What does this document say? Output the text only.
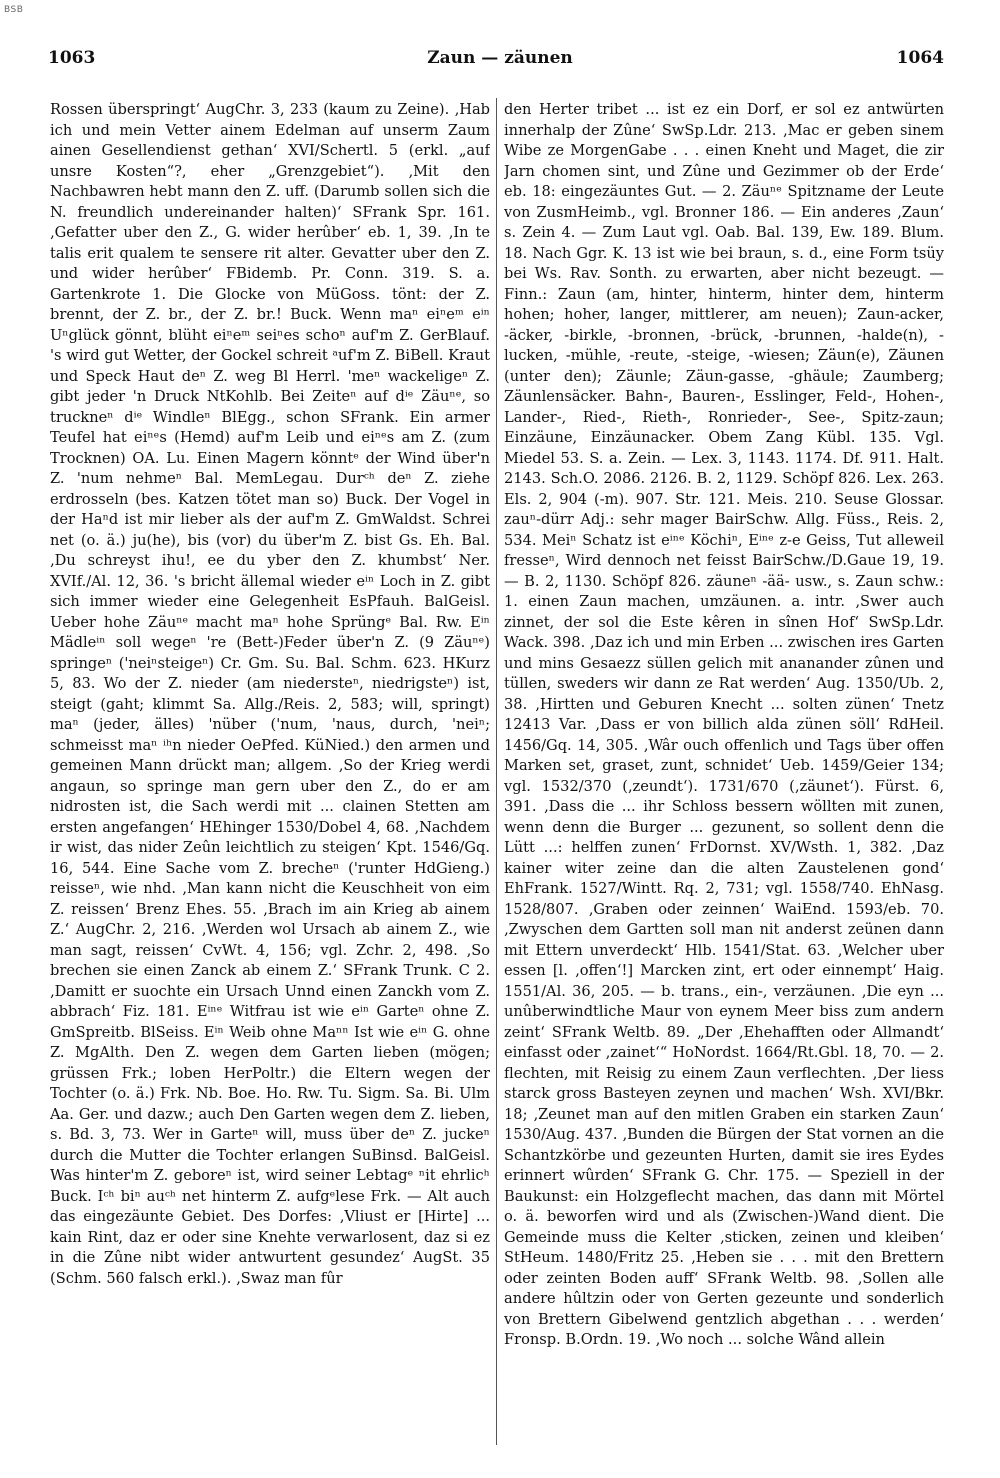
BSB
1063	Zaun — zäunen	1064

Rossen überspringt‘ AugChr. 3, 233 (kaum zu Zeine). ‚Hab ich und mein Vetter ainem Edelman auf unserm Zaum ainen Gesellendienst gethan‘ XVI/Schertl. 5 (erkl. „auf unsre Kosten“?, eher „Grenzgebiet“). ‚Mit den Nachbawren hebt mann den Z. uff. (Darumb sollen sich die N. freundlich undereinander halten)‘ SFrank Spr. 161. ‚Gefatter uber den Z., G. wider herûber‘ eb. 1, 39. ‚In te talis erit qualem te sensere rit alter. Gevatter uber den Z. und wider herûber‘ FBidemb. Pr. Conn. 319. S. a. Gartenkrote 1. Die Glocke von MüGoss. tönt: der Z. brennt, der Z. br., der Z. br.! Buck. Wenn maⁿ eiⁿeᵐ eⁱⁿ Uⁿglück gönnt, blüht eiⁿeᵐ seiⁿes schoⁿ auf'm Z. GerBlauf. 's wird gut Wetter, der Gockel schreit ᵃuf'm Z. BiBell. Kraut und Speck Haut deⁿ Z. weg Bl Herrl. 'meⁿ wackeligeⁿ Z. gibt jeder 'n Druck NtKohlb. Bei Zeiteⁿ auf dⁱᵉ Zäuⁿᵉ, so truckneⁿ dⁱᵉ Windleⁿ BlEgg., schon SFrank. Ein armer Teufel hat eiⁿᵉs (Hemd) auf'm Leib und eiⁿᵉs am Z. (zum Trocknen) OA. Lu. Einen Magern könntᵉ der Wind über'n Z. 'num nehmeⁿ Bal. MemLegau. Durᶜʰ deⁿ Z. ziehe erdrosseln (bes. Katzen tötet man so) Buck. Der Vogel in der Haⁿd ist mir lieber als der auf'm Z. GmWaldst. Schrei net (o. ä.) ju(he), bis (vor) du über'm Z. bist Gs. Eh. Bal. ‚Du schreyst ihu!, ee du yber den Z. khumbst‘ Ner. XVIf./Al. 12, 36. 's bricht ällemal wieder eⁱⁿ Loch in Z. gibt sich immer wieder eine Gelegenheit EsPfauh. BalGeisl. Ueber hohe Zäuⁿᵉ macht maⁿ hohe Sprüngᵉ Bal. Rw. Eⁱⁿ Mädleⁱⁿ soll wegeⁿ 're (Bett-)Feder über'n Z. (9 Zäuⁿᵉ) springeⁿ ('neiⁿsteigeⁿ) Cr. Gm. Su. Bal. Schm. 623. HKurz 5, 83. Wo der Z. nieder (am niedersteⁿ, niedrigsteⁿ) ist, steigt (gaht; klimmt Sa. Allg./Reis. 2, 583; will, springt) maⁿ (jeder, älles) 'nüber ('num, 'naus, durch, 'neiⁿ; schmeisst maⁿ ⁱʰn nieder OePfed. KüNied.) den armen und gemeinen Mann drückt man; allgem. ‚So der Krieg werdi angaun, so springe man gern uber den Z., do er am nidrosten ist, die Sach werdi mit ... clainen Stetten am ersten angefangen‘ HEhinger 1530/Dobel 4, 68. ‚Nachdem ir wist, das nider Zeûn leichtlich zu steigen‘ Kpt. 1546/Gq. 16, 544. Eine Sache vom Z. brecheⁿ ('runter HdGieng.) reisseⁿ, wie nhd. ‚Man kann nicht die Keuschheit von eim Z. reissen‘ Brenz Ehes. 55. ‚Brach im ain Krieg ab ainem Z.‘ AugChr. 2, 216. ‚Werden wol Ursach ab ainem Z., wie man sagt, reissen‘ CvWt. 4, 156; vgl. Zchr. 2, 498. ‚So brechen sie einen Zanck ab einem Z.‘ SFrank Trunk. C 2. ‚Damitt er suochte ein Ursach Unnd einen Zanckh vom Z. abbrach‘ Fiz. 181. Eⁱⁿᵉ Witfrau ist wie eⁱⁿ Garteⁿ ohne Z. GmSpreitb. BlSeiss. Eⁱⁿ Weib ohne Maⁿⁿ Ist wie eⁱⁿ G. ohne Z. MgAlth. Den Z. wegen dem Garten lieben (mögen; grüssen Frk.; loben HerPoltr.) die Eltern wegen der Tochter (o. ä.) Frk. Nb. Boe. Ho. Rw. Tu. Sigm. Sa. Bi. Ulm Aa. Ger. und dazw.; auch Den Garten wegen dem Z. lieben, s. Bd. 3, 73. Wer in Garteⁿ will, muss über deⁿ Z. juckeⁿ durch die Mutter die Tochter erlangen SuBinsd. BalGeisl. Was hinter'm Z. geboreⁿ ist, wird seiner Lebtagᵉ ⁿit ehrlicʰ Buck. Iᶜʰ biⁿ auᶜʰ net hinterm Z. aufgᵉlese Frk. — Alt auch das eingezäunte Gebiet. Des Dorfes: ‚Vliust er [Hirte] ... kain Rint, daz er oder sine Knehte verwarlosent, daz si ez in die Zûne nibt wider antwurtent gesundez‘ AugSt. 35 (Schm. 560 falsch erkl.). ‚Swaz man fûr

den Herter tribet ... ist ez ein Dorf, er sol ez antwürten innerhalp der Zûne‘ SwSp.Ldr. 213. ‚Mac er geben sinem Wibe ze MorgenGabe . . . einen Kneht und Maget, die zir Jarn chomen sint, und Zûne und Gezimmer ob der Erde‘ eb. 18: eingezäuntes Gut. — 2. Zäuⁿᵉ Spitzname der Leute von ZusmHeimb., vgl. Bronner 186. — Ein anderes ‚Zaun‘ s. Zein 4. — Zum Laut vgl. Oab. Bal. 139, Ew. 189. Blum. 18. Nach Ggr. K. 13 ist wie bei braun, s. d., eine Form tsüy bei Ws. Rav. Sonth. zu erwarten, aber nicht bezeugt. — Finn.: Zaun (am, hinter, hinterm, hinter dem, hinterm hohen; hoher, langer, mittlerer, am neuen); Zaun-acker, -äcker, -birkle, -bronnen, -brück, -brunnen, -halde(n), -lucken, -mühle, -reute, -steige, -wiesen; Zäun(e), Zäunen (unter den); Zäunle; Zäun-gasse, -ghäule; Zaumberg; Zäunlensäcker. Bahn-, Bauren-, Esslinger, Feld-, Hohen-, Lander-, Ried-, Rieth-, Ronrieder-, See-, Spitz-zaun; Einzäune, Einzäunacker. Obem Zang Kübl. 135. Vgl. Miedel 53. S. a. Zein. — Lex. 3, 1143. 1174. Df. 911. Halt. 2143. Sch.O. 2086. 2126. B. 2, 1129. Schöpf 826. Lex. 263. Els. 2, 904 (-m). 907. Str. 121. Meis. 210. Seuse Glossar. zauⁿ-dürr Adj.: sehr mager BairSchw. Allg. Füss., Reis. 2, 534. Meiⁿ Schatz ist eⁱⁿᵉ Köchiⁿ, Eⁱⁿᵉ z-e Geiss, Tut alleweil fresseⁿ, Wird dennoch net feisst BairSchw./D.Gaue 19, 19. — B. 2, 1130. Schöpf 826. zäuneⁿ -ää- usw., s. Zaun schw.: 1. einen Zaun machen, umzäunen. a. intr. ‚Swer auch zinnet, der sol die Este kêren in sînen Hof‘ SwSp.Ldr. Wack. 398. ‚Daz ich und min Erben ... zwischen ires Garten und mins Gesaezz süllen gelich mit ananander zûnen und tüllen, sweders wir dann ze Rat werden‘ Aug. 1350/Ub. 2, 38. ‚Hirtten und Geburen Knecht ... solten zünen‘ Tnetz 12413 Var. ‚Dass er von billich alda zünen söll‘ RdHeil. 1456/Gq. 14, 305. ‚Wâr ouch offenlich und Tags über offen Marken set, graset, zunt, schnidet‘ Ueb. 1459/Geier 134; vgl. 1532/370 (‚zeundt‘). 1731/670 (‚zäunet‘). Fürst. 6, 391. ‚Dass die ... ihr Schloss bessern wöllten mit zunen, wenn denn die Burger ... gezunent, so sollent denn die Lütt ...: helffen zunen‘ FrDornst. XV/Wsth. 1, 382. ‚Daz kainer witer zeine dan die alten Zaustelenen gond‘ EhFrank. 1527/Wintt. Rq. 2, 731; vgl. 1558/740. EhNasg. 1528/807. ‚Graben oder zeinnen‘ WaiEnd. 1593/eb. 70. ‚Zwyschen dem Gartten soll man nit anderst zeünen dann mit Ettern unverdeckt‘ Hlb. 1541/Stat. 63. ‚Welcher uber essen [l. ‚offen‘!] Marcken zint, ert oder einnempt‘ Haig. 1551/Al. 36, 205. — b. trans., ein-, verzäunen. ‚Die eyn ... unûberwindtliche Maur von eynem Meer biss zum andern zeint‘ SFrank Weltb. 89. „Der ‚Ehehafften oder Allmandt‘ einfasst oder ‚zainet‘“ HoNordst. 1664/Rt.Gbl. 18, 70. — 2. flechten, mit Reisig zu einem Zaun verflechten. ‚Der liess starck gross Basteyen zeynen und machen‘ Wsh. XVI/Bkr. 18; ‚Zeunet man auf den mitlen Graben ein starken Zaun‘ 1530/Aug. 437. ‚Bunden die Bürgen der Stat vornen an die Schantzkörbe und gezeunten Hurten, damit sie ires Eydes erinnert wûrden‘ SFrank G. Chr. 175. — Speziell in der Baukunst: ein Holzgeflecht machen, das dann mit Mörtel o. ä. beworfen wird und als (Zwischen-)Wand dient. Die Gemeinde muss die Kelter ‚sticken, zeinen und kleiben‘ StHeum. 1480/Fritz 25. ‚Heben sie . . . mit den Brettern oder zeinten Boden auff‘ SFrank Weltb. 98. ‚Sollen alle andere hûltzin oder von Gerten gezeunte und sonderlich von Brettern Gibelwend gentzlich abgethan . . . werden‘ Fronsp. B.Ordn. 19. ‚Wo noch ... solche Wând allein
